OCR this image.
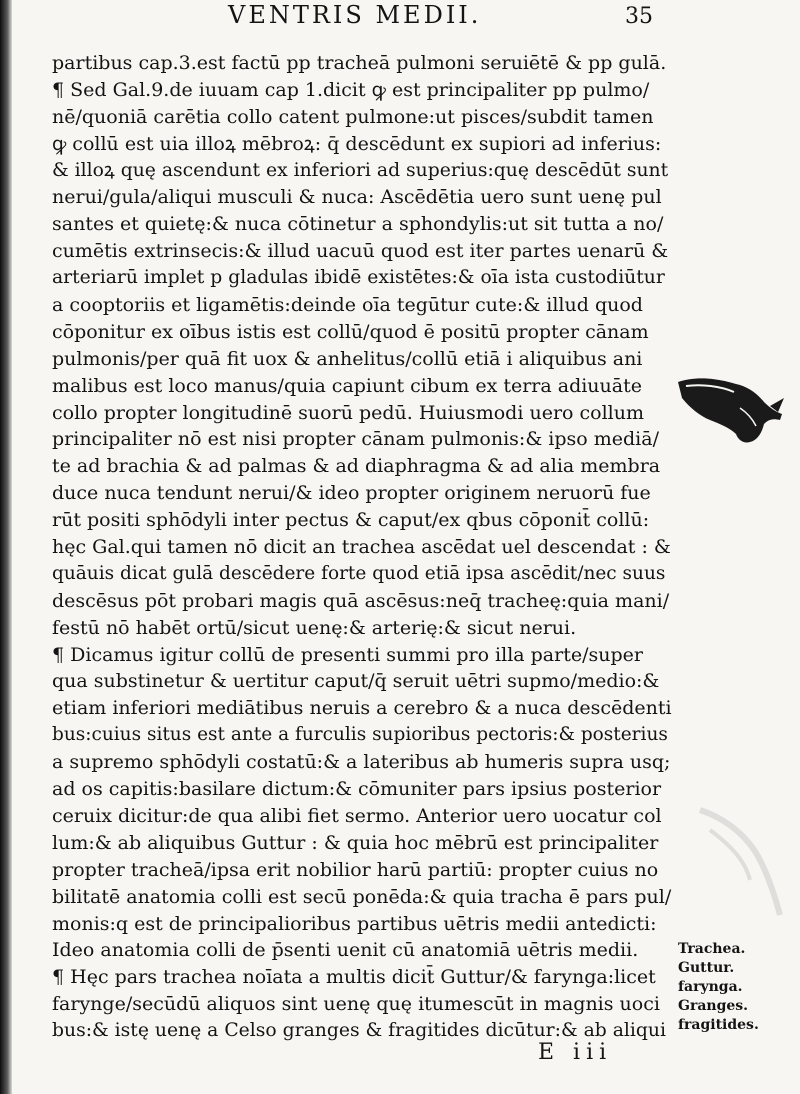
VENTRIS MEDII.	35
partibus cap.3.est factū pp tracheā pulmoni seruiētē & pp gulā.
¶ Sed Gal.9.de iuuam cap 1.dicit ꝙ est principaliter pp pulmo/
nē/quoniā carētia collo catent pulmone:ut pisces/subdit tamen
ꝙ collū est uia illoꝝ mēbroꝝ: q̄ descēdunt ex supiori ad inferius:
& illoꝝ quę ascendunt ex inferiori ad superius:quę descēdūt sunt
nerui/gula/aliqui musculi & nuca: Ascēdētia uero sunt uenę pul
santes et quietę:& nuca cōtinetur a sphondylis:ut sit tutta a no/
cumētis extrinsecis:& illud uacuū quod est iter partes uenarū &
arteriarū implet p gladulas ibidē existētes:& oīa ista custodiūtur
a cooptoriis et ligamētis:deinde oīa tegūtur cute:& illud quod
cōponitur ex oībus istis est collū/quod ē positū propter cānam
pulmonis/per quā fit uox & anhelitus/collū etiā i aliquibus ani
malibus est loco manus/quia capiunt cibum ex terra adiuuāte
collo propter longitudinē suorū pedū. Huiusmodi uero collum
principaliter nō est nisi propter cānam pulmonis:& ipso mediā/
te ad brachia & ad palmas & ad diaphragma & ad alia membra
duce nuca tendunt nerui/& ideo propter originem neruorū fue
rūt positi sphōdyli inter pectus & caput/ex qbus cōponit̄ collū:
hęc Gal.qui tamen nō dicit an trachea ascēdat uel descendat : &
quāuis dicat gulā descēdere forte quod etiā ipsa ascēdit/nec suus
descēsus pōt probari magis quā ascēsus:neq̄ tracheę:quia mani/
festū nō habēt ortū/sicut uenę:& arterię:& sicut nerui.
¶ Dicamus igitur collū de presenti summi pro illa parte/super
qua substinetur & uertitur caput/q̄ seruit uētri supmo/medio:&
etiam inferiori mediātibus neruis a cerebro & a nuca descēdenti
bus:cuius situs est ante a furculis supioribus pectoris:& posterius
a supremo sphōdyli costatū:& a lateribus ab humeris supra usq;
ad os capitis:basilare dictum:& cōmuniter pars ipsius posterior
ceruix dicitur:de qua alibi fiet sermo. Anterior uero uocatur col
lum:& ab aliquibus Guttur : & quia hoc mēbrū est principaliter
propter tracheā/ipsa erit nobilior harū partiū: propter cuius no
bilitatē anatomia colli est secū ponēda:& quia tracha ē pars pul/
monis:q est de principalioribus partibus uētris medii antedicti:
Ideo anatomia colli de p̄senti uenit cū anatomiā uētris medii.
¶ Hęc pars trachea noīata a multis dicit̄ Guttur/& farynga:licet
farynge/secūdū aliquos sint uenę quę itumescūt in magnis uoci
bus:& istę uenę a Celso granges & fragitides dicūtur:& ab aliqui
Trachea.
Guttur.
farynga.
Granges.
fragitides.
E iii
